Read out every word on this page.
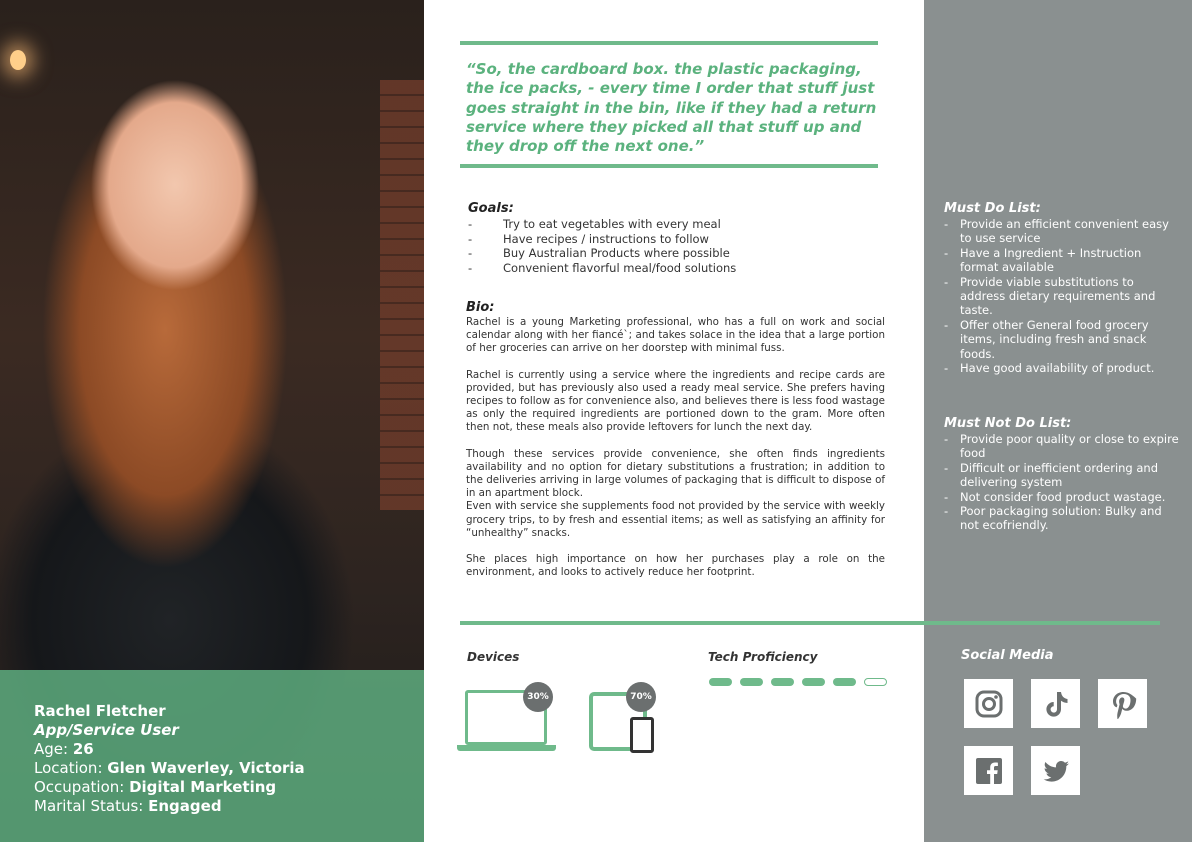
Rachel Fletcher
App/Service User
Age: 26
Location: Glen Waverley, Victoria
Occupation: Digital Marketing
Marital Status: Engaged
“So, the cardboard box. the plastic packaging, the ice packs, - every time I order that stuff just goes straight in the bin, like if they had a return service where they picked all that stuff up and they drop off the next one.”
Goals:
- Try to eat vegetables with every meal
- Have recipes / instructions to follow
- Buy Australian Products where possible
- Convenient flavorful meal/food solutions
Bio:

Rachel is a young Marketing professional, who has a full on work and social calendar along with her fiancé`; and takes solace in the idea that a large portion of her groceries can arrive on her doorstep with minimal fuss.

Rachel is currently using a service where the ingredients and recipe cards are provided, but has previously also used a ready meal service. She prefers having recipes to follow as for convenience also, and believes there is less food wastage as only the required ingredients are portioned down to the gram. More often then not, these meals also provide leftovers for lunch the next day.

Though these services provide convenience, she often finds ingredients availability and no option for dietary substitutions a frustration; in addition to the deliveries arriving in large volumes of packaging that is difficult to dispose of in an apartment block.

Even with service she supplements food not provided by the service with weekly grocery trips, to by fresh and essential items; as well as satisfying an affinity for “unhealthy” snacks.

She places high importance on how her purchases play a role on the environment, and looks to actively reduce her footprint.

Devices
30%	70%
Tech Proficiency
Must Do List:
- Provide an efficient convenient easy to use service
- Have a Ingredient + Instruction format available
- Provide viable substitutions to address dietary requirements and taste.
- Offer other General food grocery items, including fresh and snack foods.
- Have good availability of product.
Must Not Do List:
- Provide poor quality or close to expire food
- Difficult or inefficient ordering and delivering system
- Not consider food product wastage.
- Poor packaging solution: Bulky and not ecofriendly.
Social Media
